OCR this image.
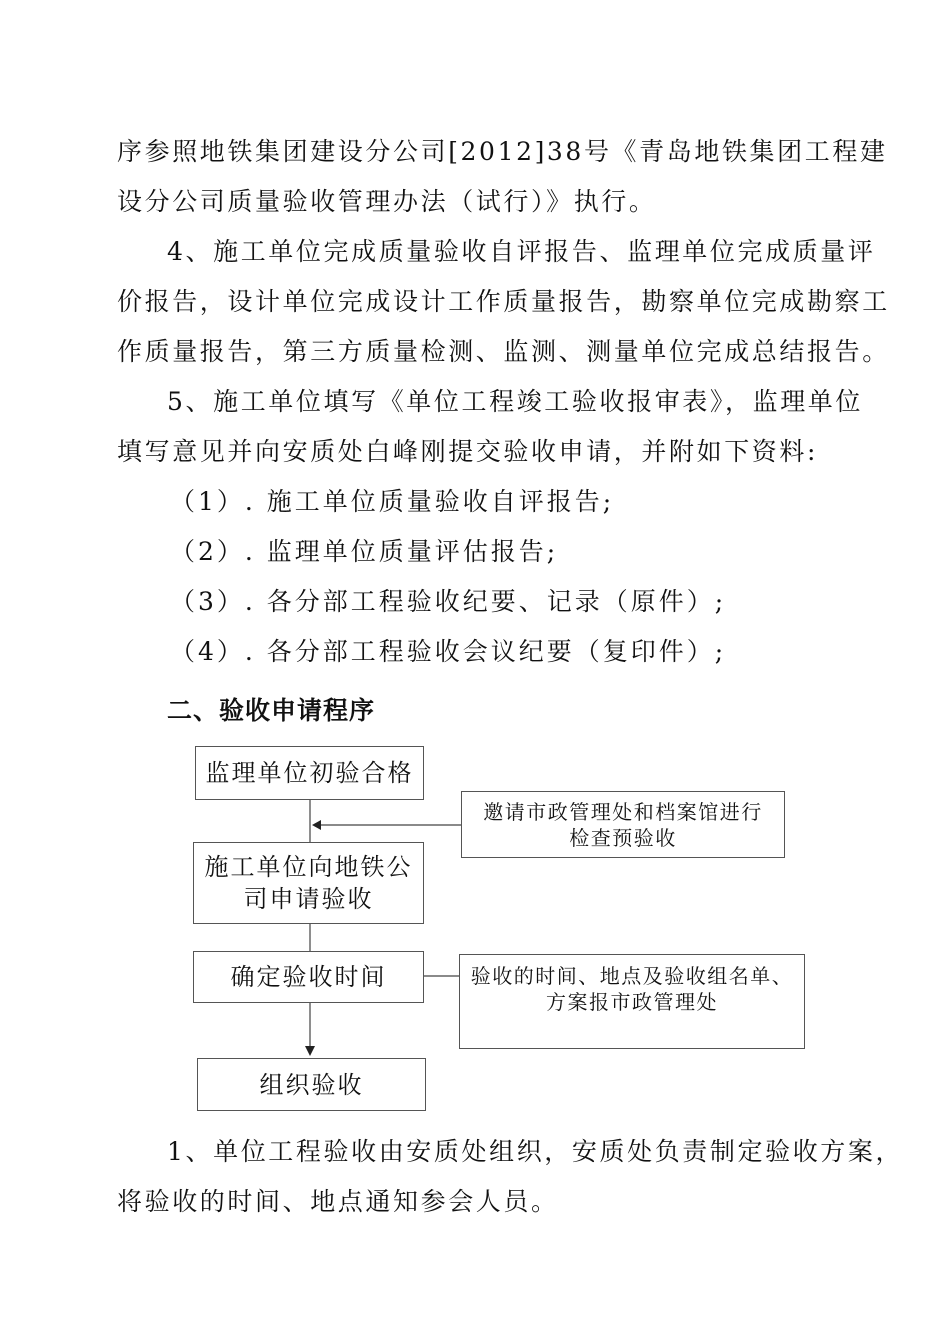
序参照地铁集团建设分公司[2012]38号《青岛地铁集团工程建
设分公司质量验收管理办法（试行）》执行。
4、施工单位完成质量验收自评报告、监理单位完成质量评
价报告，设计单位完成设计工作质量报告，勘察单位完成勘察工
作质量报告，第三方质量检测、监测、测量单位完成总结报告。
5、施工单位填写《单位工程竣工验收报审表》，监理单位
填写意见并向安质处白峰刚提交验收申请，并附如下资料:
（1）. 施工单位质量验收自评报告;
（2）. 监理单位质量评估报告;
（3）. 各分部工程验收纪要、记录（原件）;
（4）. 各分部工程验收会议纪要（复印件）;
二、验收申请程序
监理单位初验合格
邀请市政管理处和档案馆进行
检查预验收
施工单位向地铁公
司申请验收
确定验收时间	验收的时间、地点及验收组名单、
方案报市政管理处
组织验收
1、单位工程验收由安质处组织，安质处负责制定验收方案，
将验收的时间、地点通知参会人员。
